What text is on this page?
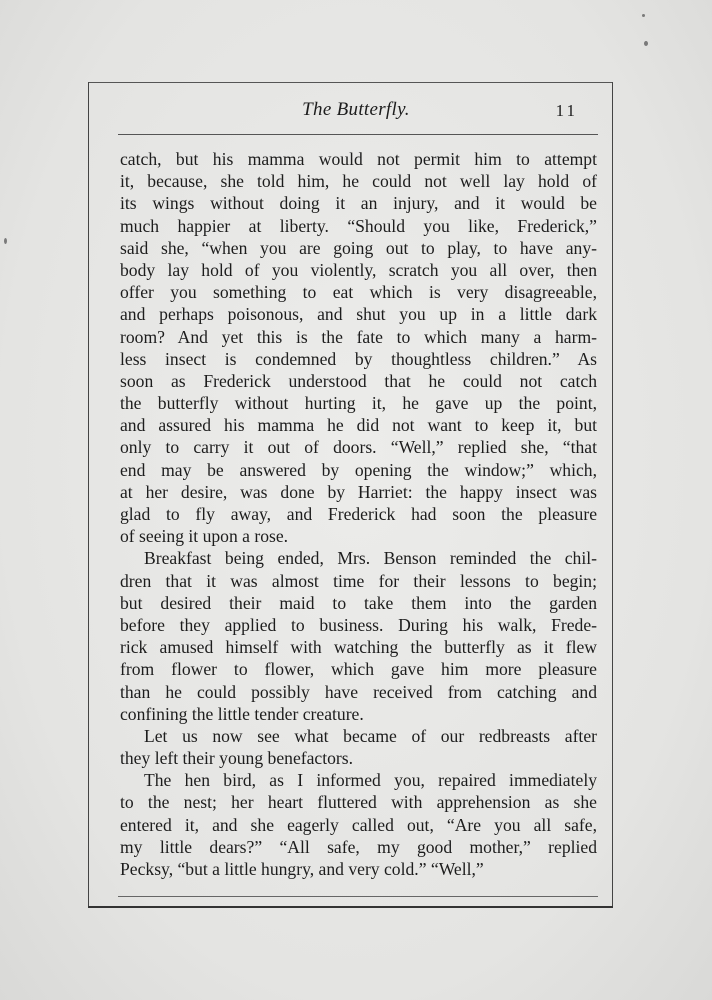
The Butterfly.	11
catch, but his mamma would not permit him to attempt
it, because, she told him, he could not well lay hold of
its wings without doing it an injury, and it would be
much happier at liberty. “Should you like, Frederick,”
said she, “when you are going out to play, to have any-
body lay hold of you violently, scratch you all over, then
offer you something to eat which is very disagreeable,
and perhaps poisonous, and shut you up in a little dark
room? And yet this is the fate to which many a harm-
less insect is condemned by thoughtless children.” As
soon as Frederick understood that he could not catch
the butterfly without hurting it, he gave up the point,
and assured his mamma he did not want to keep it, but
only to carry it out of doors. “Well,” replied she, “that
end may be answered by opening the window;” which,
at her desire, was done by Harriet: the happy insect was
glad to fly away, and Frederick had soon the pleasure
of seeing it upon a rose.
Breakfast being ended, Mrs. Benson reminded the chil-
dren that it was almost time for their lessons to begin;
but desired their maid to take them into the garden
before they applied to business. During his walk, Frede-
rick amused himself with watching the butterfly as it flew
from flower to flower, which gave him more pleasure
than he could possibly have received from catching and
confining the little tender creature.
Let us now see what became of our redbreasts after
they left their young benefactors.
The hen bird, as I informed you, repaired immediately
to the nest; her heart fluttered with apprehension as she
entered it, and she eagerly called out, “Are you all safe,
my little dears?” “All safe, my good mother,” replied
Pecksy, “but a little hungry, and very cold.” “Well,”
